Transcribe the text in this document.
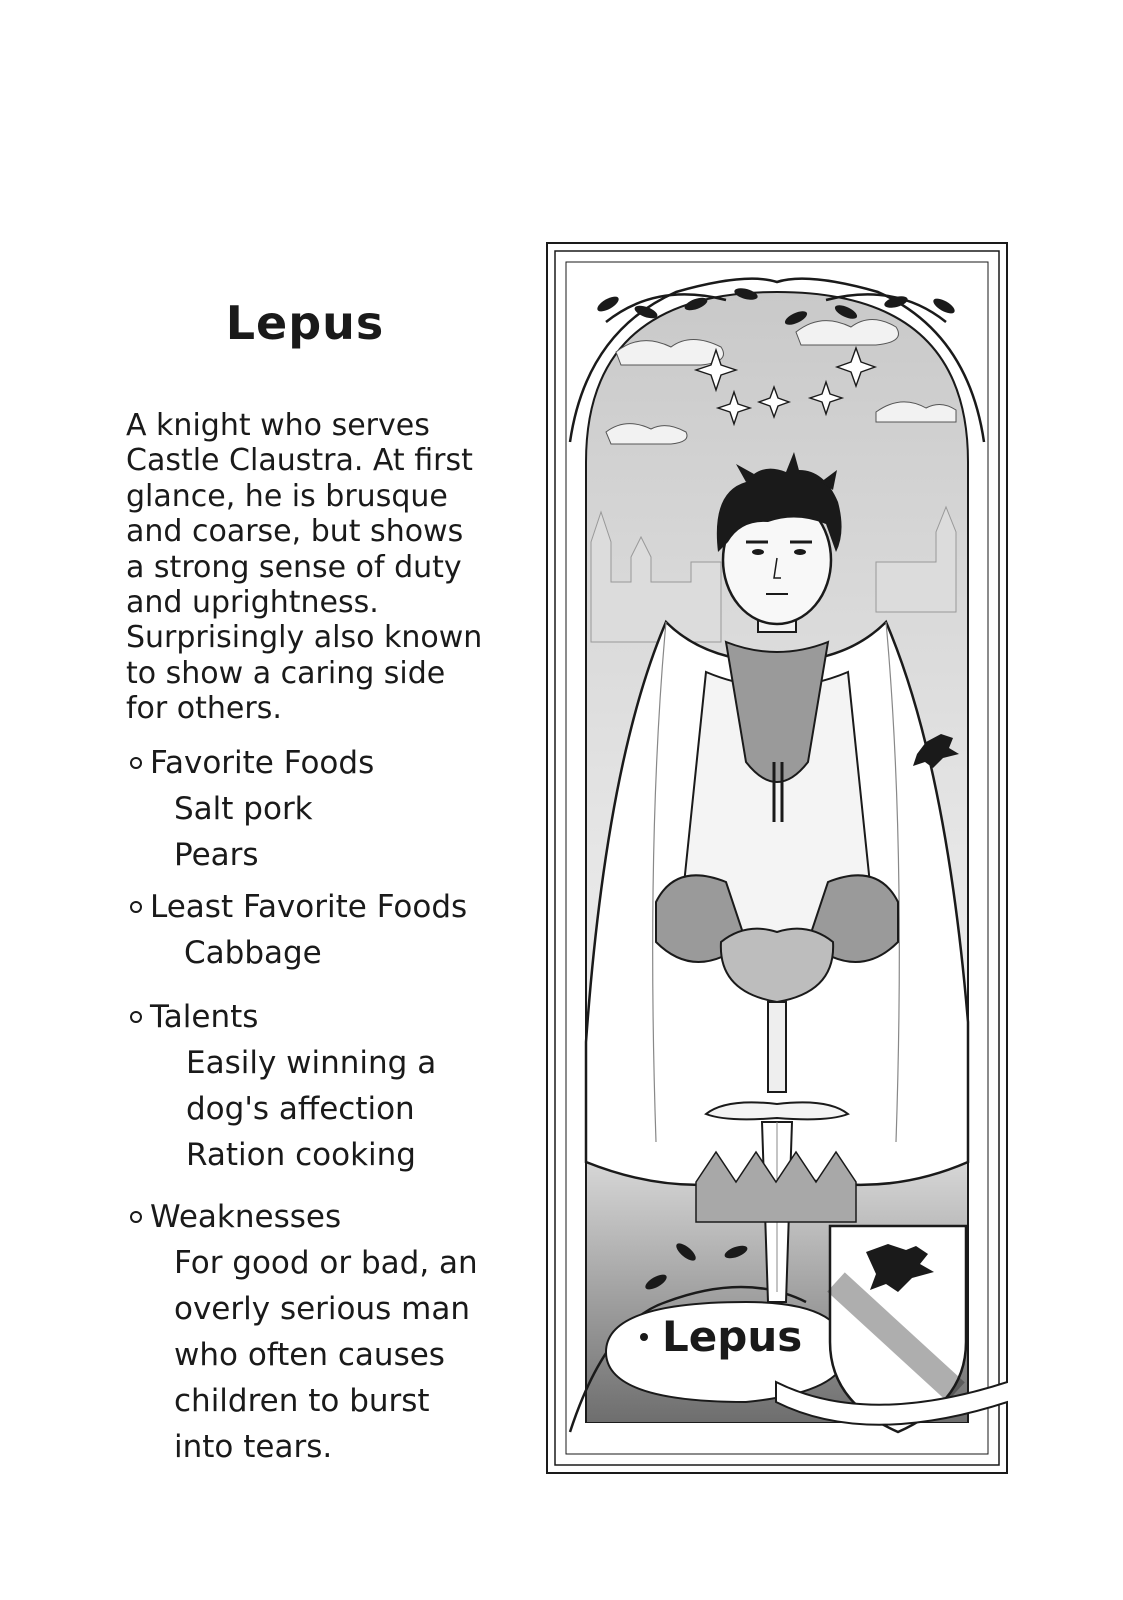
Lepus
A knight who serves
Castle Claustra. At first
glance, he is brusque
and coarse, but shows
a strong sense of duty
and uprightness.
Surprisingly also known
to show a caring side
for others.
Favorite Foods
Salt pork
Pears
Least Favorite Foods
Cabbage
Talents
Easily winning a
dog's affection
Ration cooking
Weaknesses
For good or bad, an
overly serious man
who often causes
children to burst
into tears.
Lepus
